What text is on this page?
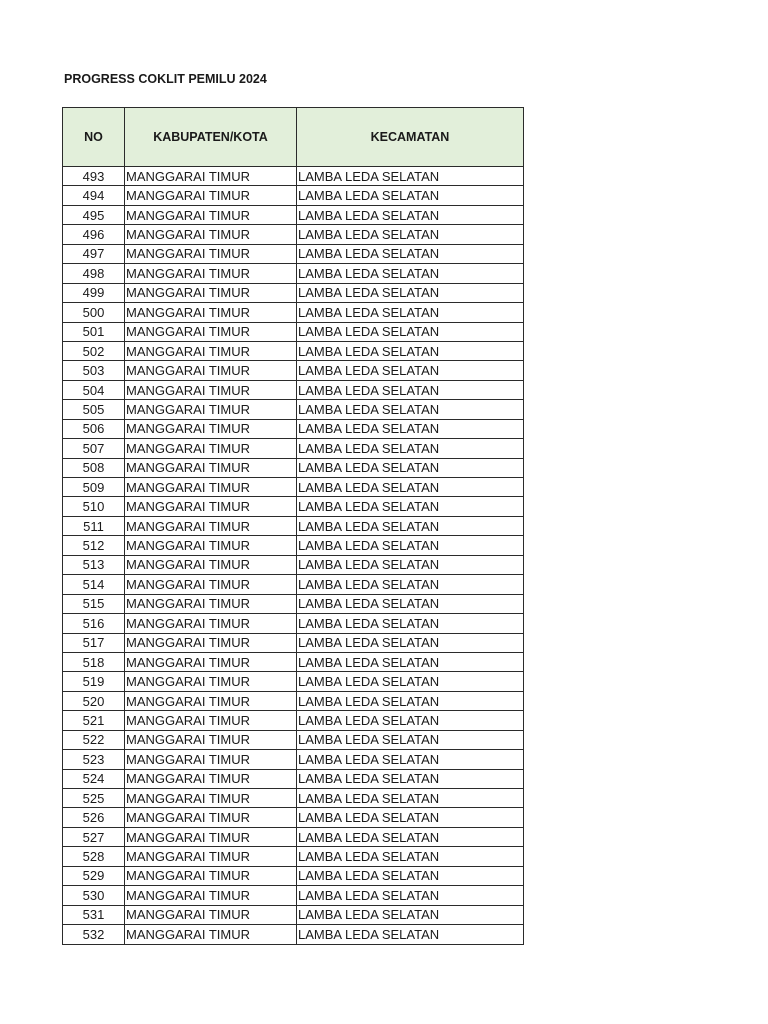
PROGRESS COKLIT PEMILU 2024
NO	KABUPATEN/KOTA	KECAMATAN
493	MANGGARAI TIMUR	LAMBA LEDA SELATAN
494	MANGGARAI TIMUR	LAMBA LEDA SELATAN
495	MANGGARAI TIMUR	LAMBA LEDA SELATAN
496	MANGGARAI TIMUR	LAMBA LEDA SELATAN
497	MANGGARAI TIMUR	LAMBA LEDA SELATAN
498	MANGGARAI TIMUR	LAMBA LEDA SELATAN
499	MANGGARAI TIMUR	LAMBA LEDA SELATAN
500	MANGGARAI TIMUR	LAMBA LEDA SELATAN
501	MANGGARAI TIMUR	LAMBA LEDA SELATAN
502	MANGGARAI TIMUR	LAMBA LEDA SELATAN
503	MANGGARAI TIMUR	LAMBA LEDA SELATAN
504	MANGGARAI TIMUR	LAMBA LEDA SELATAN
505	MANGGARAI TIMUR	LAMBA LEDA SELATAN
506	MANGGARAI TIMUR	LAMBA LEDA SELATAN
507	MANGGARAI TIMUR	LAMBA LEDA SELATAN
508	MANGGARAI TIMUR	LAMBA LEDA SELATAN
509	MANGGARAI TIMUR	LAMBA LEDA SELATAN
510	MANGGARAI TIMUR	LAMBA LEDA SELATAN
511	MANGGARAI TIMUR	LAMBA LEDA SELATAN
512	MANGGARAI TIMUR	LAMBA LEDA SELATAN
513	MANGGARAI TIMUR	LAMBA LEDA SELATAN
514	MANGGARAI TIMUR	LAMBA LEDA SELATAN
515	MANGGARAI TIMUR	LAMBA LEDA SELATAN
516	MANGGARAI TIMUR	LAMBA LEDA SELATAN
517	MANGGARAI TIMUR	LAMBA LEDA SELATAN
518	MANGGARAI TIMUR	LAMBA LEDA SELATAN
519	MANGGARAI TIMUR	LAMBA LEDA SELATAN
520	MANGGARAI TIMUR	LAMBA LEDA SELATAN
521	MANGGARAI TIMUR	LAMBA LEDA SELATAN
522	MANGGARAI TIMUR	LAMBA LEDA SELATAN
523	MANGGARAI TIMUR	LAMBA LEDA SELATAN
524	MANGGARAI TIMUR	LAMBA LEDA SELATAN
525	MANGGARAI TIMUR	LAMBA LEDA SELATAN
526	MANGGARAI TIMUR	LAMBA LEDA SELATAN
527	MANGGARAI TIMUR	LAMBA LEDA SELATAN
528	MANGGARAI TIMUR	LAMBA LEDA SELATAN
529	MANGGARAI TIMUR	LAMBA LEDA SELATAN
530	MANGGARAI TIMUR	LAMBA LEDA SELATAN
531	MANGGARAI TIMUR	LAMBA LEDA SELATAN
532	MANGGARAI TIMUR	LAMBA LEDA SELATAN
